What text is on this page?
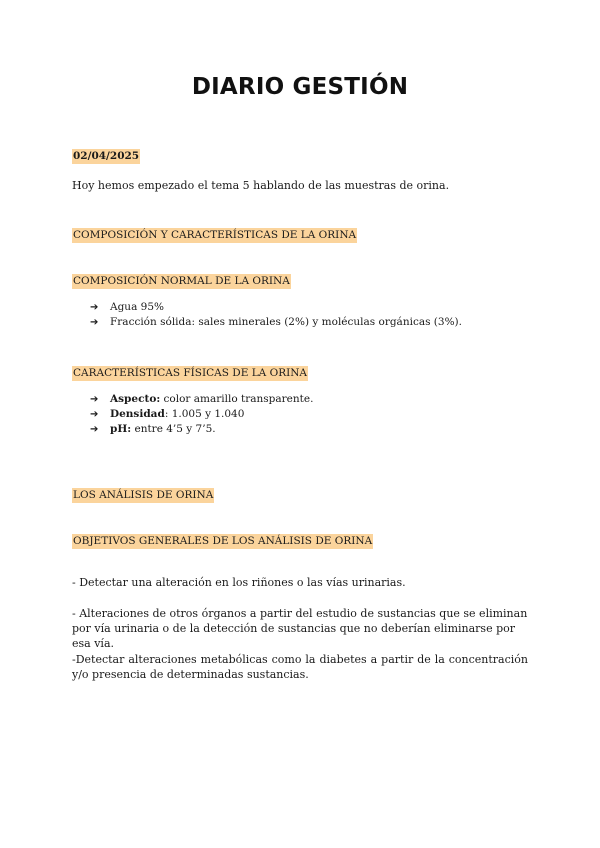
DIARIO GESTIÓN
02/04/2025
Hoy hemos empezado el tema 5 hablando de las muestras de orina.
COMPOSICIÓN Y CARACTERÍSTICAS DE LA ORINA
COMPOSICIÓN NORMAL DE LA ORINA
➔ Agua 95%
➔ Fracción sólida: sales minerales (2%) y moléculas orgánicas (3%).
CARACTERÍSTICAS FÍSICAS DE LA ORINA
➔ Aspecto: color amarillo transparente.
➔ Densidad: 1.005 y 1.040
➔ pH: entre 4’5 y 7’5.
LOS ANÁLISIS DE ORINA
OBJETIVOS GENERALES DE LOS ANÁLISIS DE ORINA
- Detectar una alteración en los riñones o las vías urinarias.
- Alteraciones de otros órganos a partir del estudio de sustancias que se eliminan por vía urinaria o de la detección de sustancias que no deberían eliminarse por esa vía.
-Detectar alteraciones metabólicas como la diabetes a partir de la concentración y/o presencia de determinadas sustancias.
